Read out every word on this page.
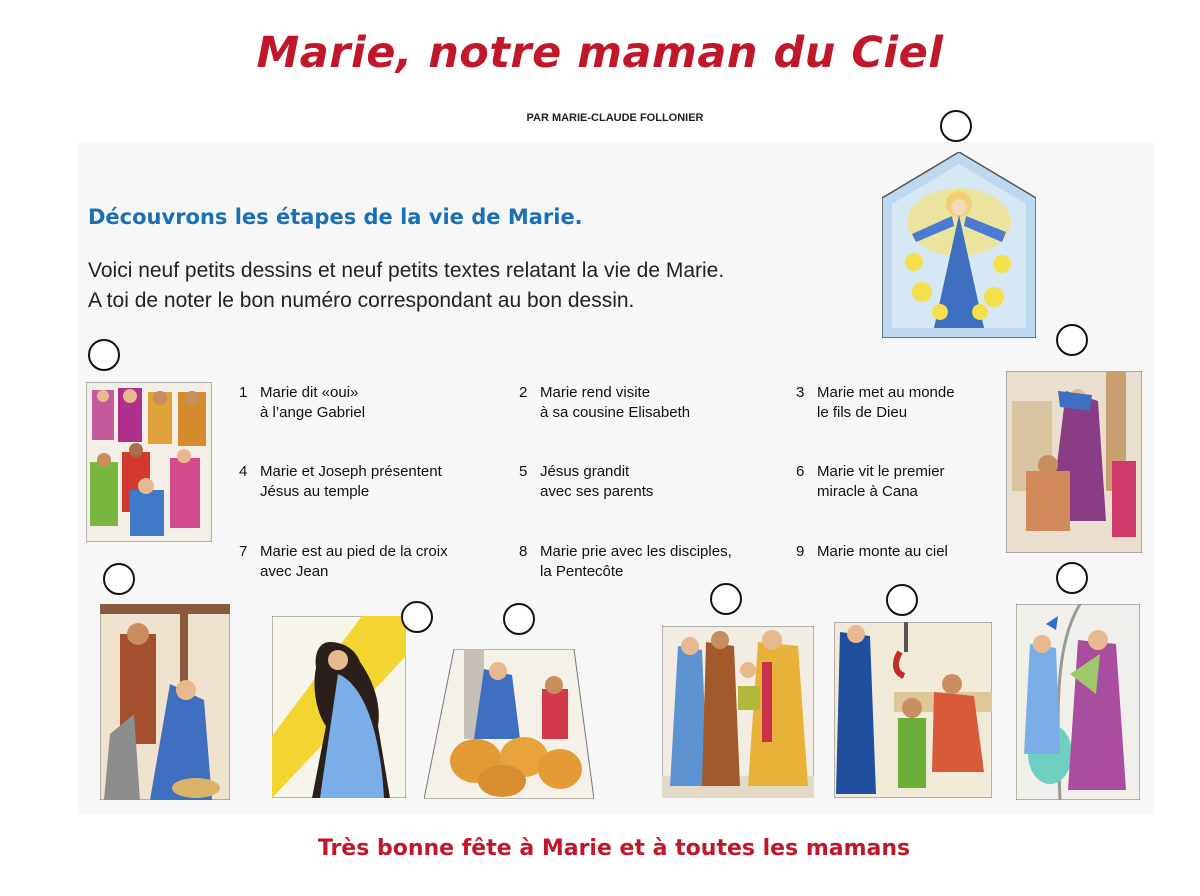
Marie, notre maman du Ciel
PAR MARIE-CLAUDE FOLLONIER
Découvrons les étapes de la vie de Marie.

Voici neuf petits dessins et neuf petits textes relatant la vie de Marie.
A toi de noter le bon numéro correspondant au bon dessin.

1 Marie dit «oui»
à l’ange Gabriel
2 Marie rend visite
à sa cousine Elisabeth
3 Marie met au monde
le fils de Dieu
4 Marie et Joseph présentent
Jésus au temple
5 Jésus grandit
avec ses parents
6 Marie vit le premier
miracle à Cana
7 Marie est au pied de la croix
avec Jean
8 Marie prie avec les disciples,
la Pentecôte
9 Marie monte au ciel
Très bonne fête à Marie et à toutes les mamans
